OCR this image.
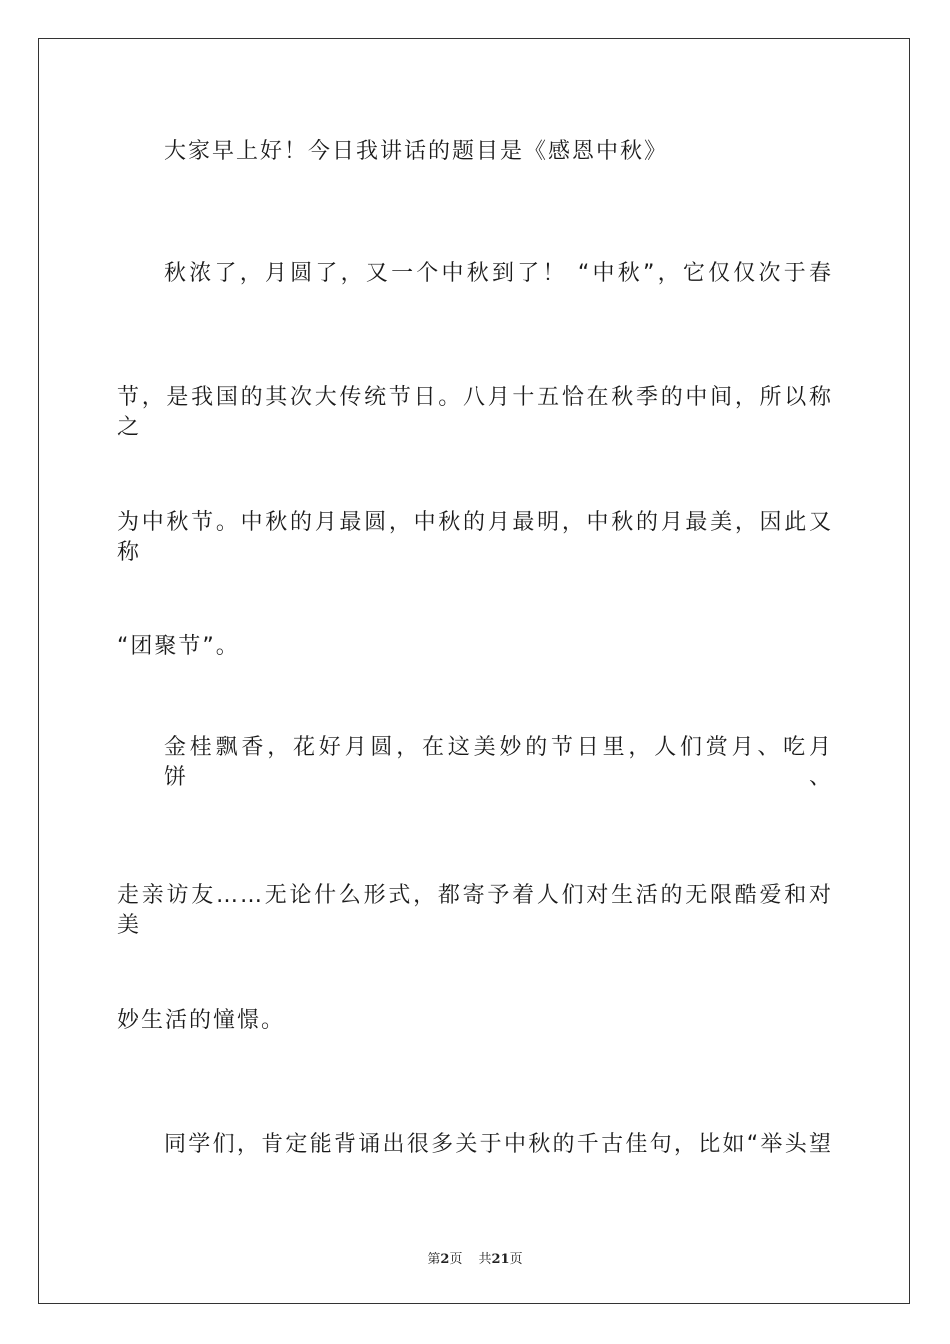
大家早上好！今日我讲话的题目是《感恩中秋》
秋浓了，月圆了，又一个中秋到了！ “中秋”，它仅仅次于春
节，是我国的其次大传统节日。八月十五恰在秋季的中间，所以称之
为中秋节。中秋的月最圆，中秋的月最明，中秋的月最美，因此又称
“团聚节”。
金桂飘香，花好月圆，在这美妙的节日里，人们赏月、吃月饼、
走亲访友……无论什么形式，都寄予着人们对生活的无限酷爱和对美
妙生活的憧憬。
同学们，肯定能背诵出很多关于中秋的千古佳句，比如“举头望
第2页 共21页
